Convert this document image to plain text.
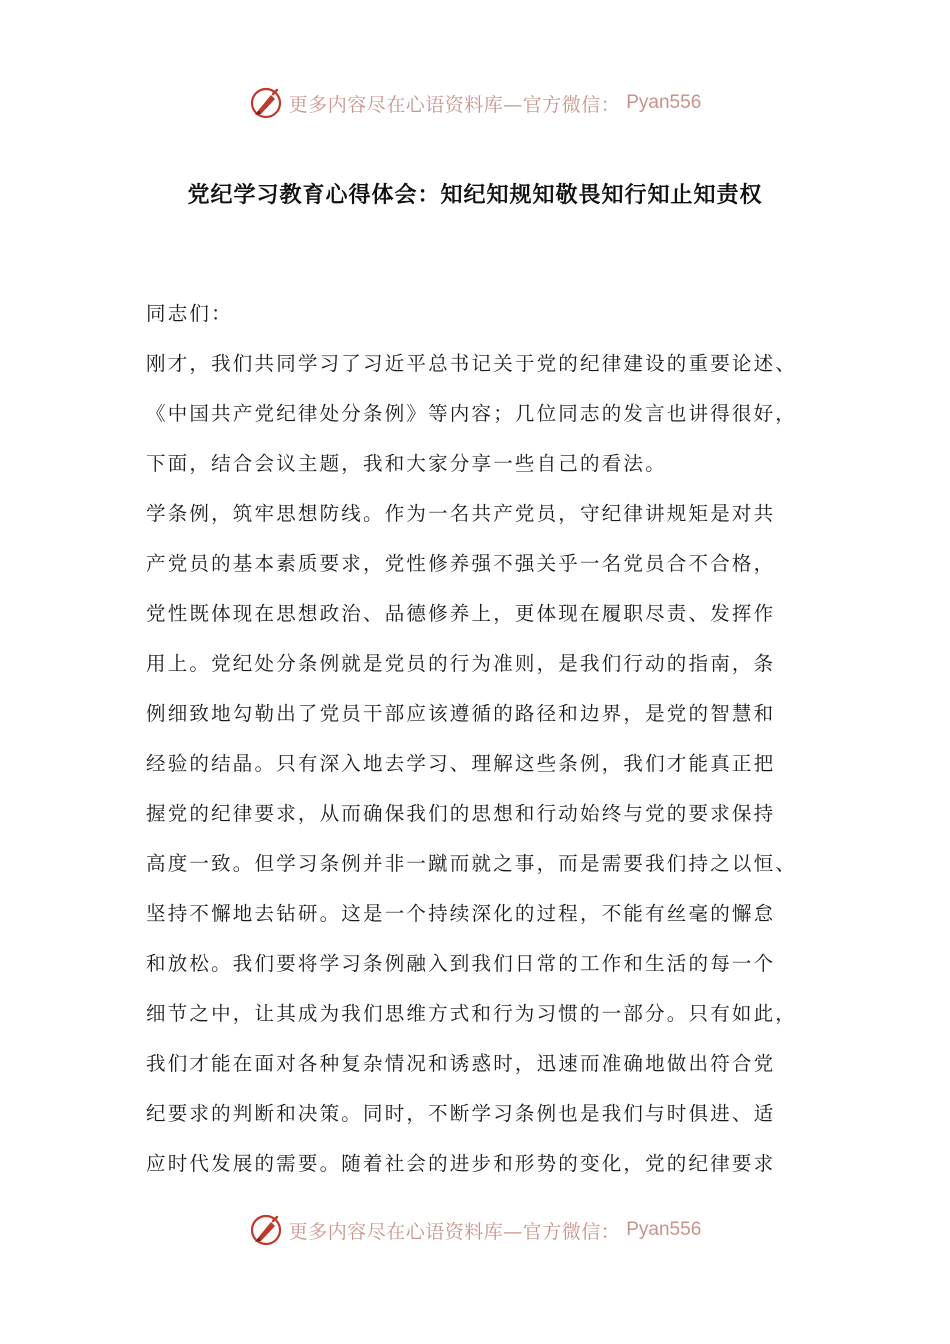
更多内容尽在心语资料库—官方微信： Pyan556
党纪学习教育心得体会：知纪知规知敬畏知行知止知责权
同志们：
刚才，我们共同学习了习近平总书记关于党的纪律建设的重要论述、
《中国共产党纪律处分条例》等内容；几位同志的发言也讲得很好，
下面，结合会议主题，我和大家分享一些自己的看法。
学条例，筑牢思想防线。作为一名共产党员，守纪律讲规矩是对共
产党员的基本素质要求，党性修养强不强关乎一名党员合不合格，
党性既体现在思想政治、品德修养上，更体现在履职尽责、发挥作
用上。党纪处分条例就是党员的行为准则，是我们行动的指南，条
例细致地勾勒出了党员干部应该遵循的路径和边界，是党的智慧和
经验的结晶。只有深入地去学习、理解这些条例，我们才能真正把
握党的纪律要求，从而确保我们的思想和行动始终与党的要求保持
高度一致。但学习条例并非一蹴而就之事，而是需要我们持之以恒、
坚持不懈地去钻研。这是一个持续深化的过程，不能有丝毫的懈怠
和放松。我们要将学习条例融入到我们日常的工作和生活的每一个
细节之中，让其成为我们思维方式和行为习惯的一部分。只有如此，
我们才能在面对各种复杂情况和诱惑时，迅速而准确地做出符合党
纪要求的判断和决策。同时，不断学习条例也是我们与时俱进、适
应时代发展的需要。随着社会的进步和形势的变化，党的纪律要求
更多内容尽在心语资料库—官方微信： Pyan556
